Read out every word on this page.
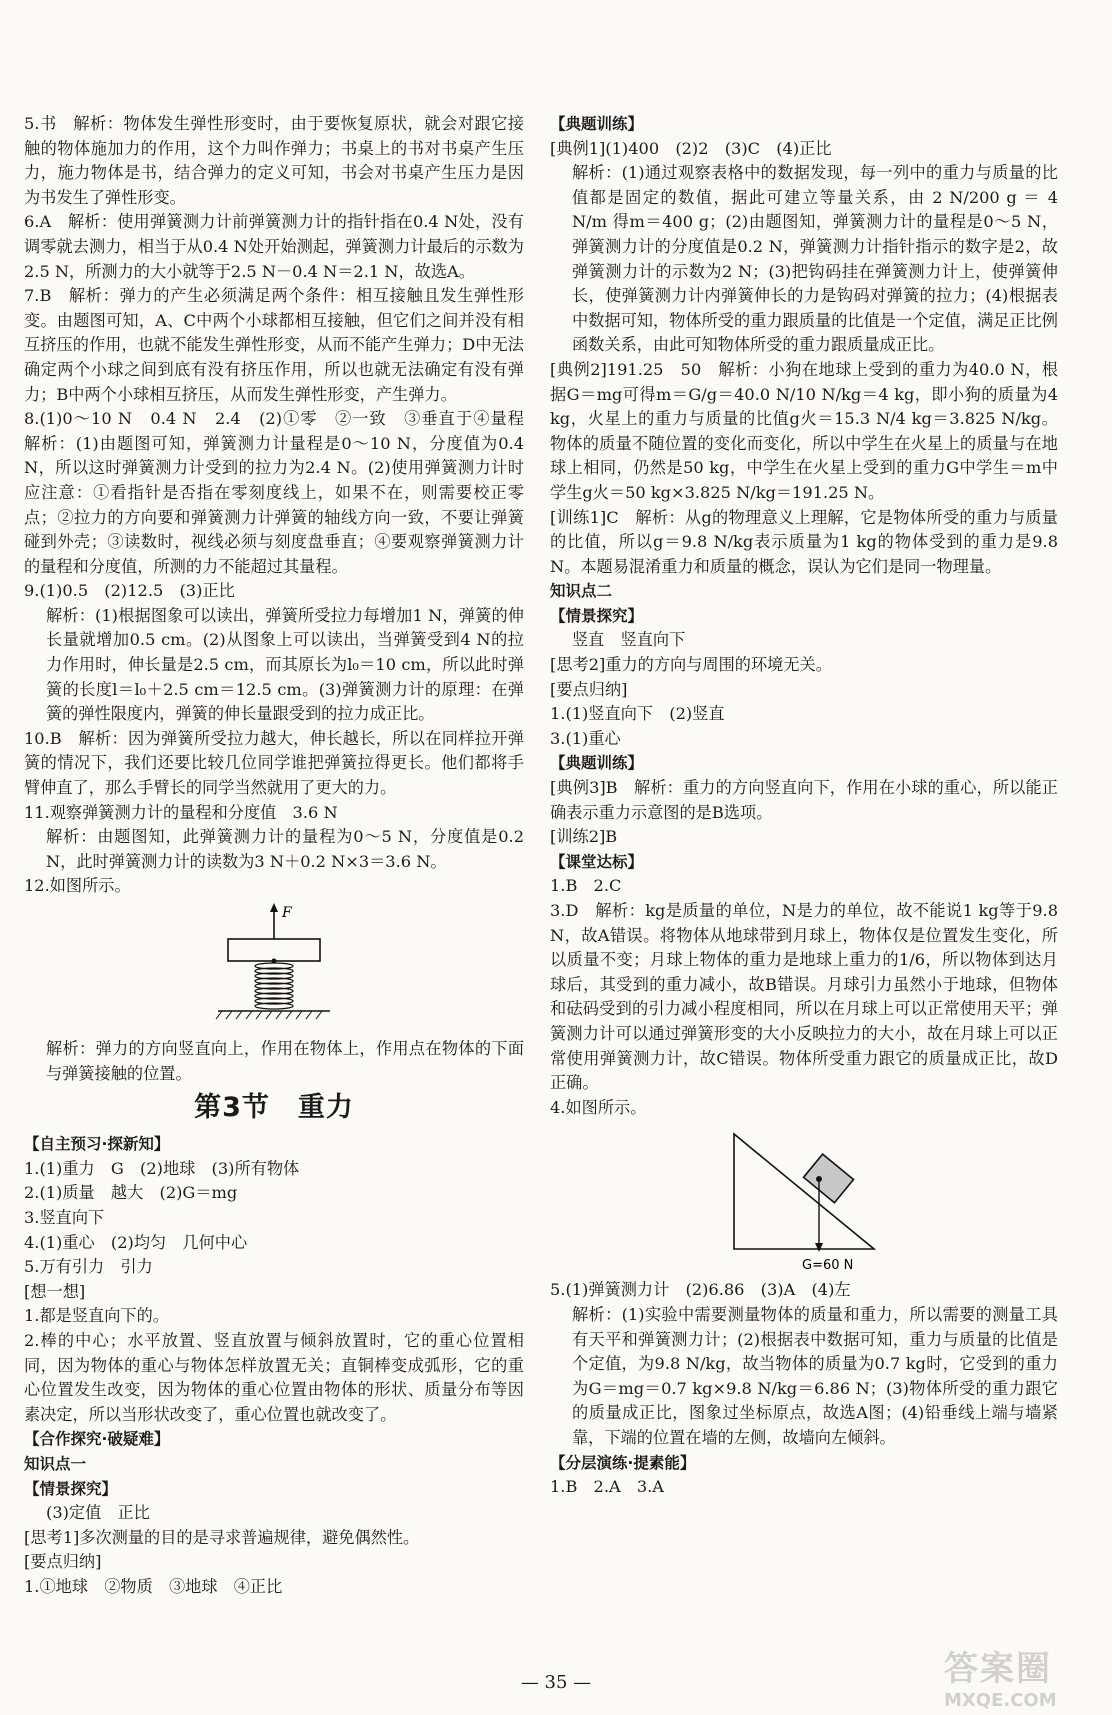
5.书　解析：物体发生弹性形变时，由于要恢复原状，就会对跟它接触的物体施加力的作用，这个力叫作弹力；书桌上的书对书桌产生压力，施力物体是书，结合弹力的定义可知，书会对书桌产生压力是因为书发生了弹性形变。

6.A　解析：使用弹簧测力计前弹簧测力计的指针指在0.4 N处，没有调零就去测力，相当于从0.4 N处开始测起，弹簧测力计最后的示数为2.5 N，所测力的大小就等于2.5 N－0.4 N＝2.1 N，故选A。

7.B　解析：弹力的产生必须满足两个条件：相互接触且发生弹性形变。由题图可知，A、C中两个小球都相互接触，但它们之间并没有相互挤压的作用，也就不能发生弹性形变，从而不能产生弹力；D中无法确定两个小球之间到底有没有挤压作用，所以也就无法确定有没有弹力；B中两个小球相互挤压，从而发生弹性形变，产生弹力。

8.(1)0～10 N　0.4 N　2.4　(2)①零　②一致　③垂直于④量程　解析：(1)由题图可知，弹簧测力计量程是0～10 N，分度值为0.4 N，所以这时弹簧测力计受到的拉力为2.4 N。(2)使用弹簧测力计时应注意：①看指针是否指在零刻度线上，如果不在，则需要校正零点；②拉力的方向要和弹簧测力计弹簧的轴线方向一致，不要让弹簧碰到外壳；③读数时，视线必须与刻度盘垂直；④要观察弹簧测力计的量程和分度值，所测的力不能超过其量程。

9.(1)0.5　(2)12.5　(3)正比

解析：(1)根据图象可以读出，弹簧所受拉力每增加1 N，弹簧的伸长量就增加0.5 cm。(2)从图象上可以读出，当弹簧受到4 N的拉力作用时，伸长量是2.5 cm，而其原长为l₀＝10 cm，所以此时弹簧的长度l＝l₀＋2.5 cm＝12.5 cm。(3)弹簧测力计的原理：在弹簧的弹性限度内，弹簧的伸长量跟受到的拉力成正比。

10.B　解析：因为弹簧所受拉力越大，伸长越长，所以在同样拉开弹簧的情况下，我们还要比较几位同学谁把弹簧拉得更长。他们都将手臂伸直了，那么手臂长的同学当然就用了更大的力。

11.观察弹簧测力计的量程和分度值　3.6 N

解析：由题图知，此弹簧测力计的量程为0～5 N，分度值是0.2 N，此时弹簧测力计的读数为3 N＋0.2 N×3＝3.6 N。

12.如图所示。

F

解析：弹力的方向竖直向上，作用在物体上，作用点在物体的下面与弹簧接触的位置。

第3节　重力

【自主预习·探新知】

1.(1)重力　G　(2)地球　(3)所有物体

2.(1)质量　越大　(2)G＝mg

3.竖直向下

4.(1)重心　(2)均匀　几何中心

5.万有引力　引力

[想一想]

1.都是竖直向下的。

2.棒的中心；水平放置、竖直放置与倾斜放置时，它的重心位置相同，因为物体的重心与物体怎样放置无关；直铜棒变成弧形，它的重心位置发生改变，因为物体的重心位置由物体的形状、质量分布等因素决定，所以当形状改变了，重心位置也就改变了。

【合作探究·破疑难】

知识点一

【情景探究】

(3)定值　正比

[思考1]多次测量的目的是寻求普遍规律，避免偶然性。

[要点归纳]

1.①地球　②物质　③地球　④正比

【典题训练】

[典例1](1)400　(2)2　(3)C　(4)正比

解析：(1)通过观察表格中的数据发现，每一列中的重力与质量的比值都是固定的数值，据此可建立等量关系，由 2 N/200 g ＝ 4 N/m 得m＝400 g；(2)由题图知，弹簧测力计的量程是0～5 N，弹簧测力计的分度值是0.2 N，弹簧测力计指针指示的数字是2，故弹簧测力计的示数为2 N；(3)把钩码挂在弹簧测力计上，使弹簧伸长，使弹簧测力计内弹簧伸长的力是钩码对弹簧的拉力；(4)根据表中数据可知，物体所受的重力跟质量的比值是一个定值，满足正比例函数关系，由此可知物体所受的重力跟质量成正比。

[典例2]191.25　50　解析：小狗在地球上受到的重力为40.0 N，根据G＝mg可得m＝G/g＝40.0 N/10 N/kg＝4 kg，即小狗的质量为4 kg，火星上的重力与质量的比值g火＝15.3 N/4 kg＝3.825 N/kg。物体的质量不随位置的变化而变化，所以中学生在火星上的质量与在地球上相同，仍然是50 kg，中学生在火星上受到的重力G中学生＝m中学生g火＝50 kg×3.825 N/kg＝191.25 N。

[训练1]C　解析：从g的物理意义上理解，它是物体所受的重力与质量的比值，所以g＝9.8 N/kg表示质量为1 kg的物体受到的重力是9.8 N。本题易混淆重力和质量的概念，误认为它们是同一物理量。

知识点二

【情景探究】

竖直　竖直向下

[思考2]重力的方向与周围的环境无关。

[要点归纳]

1.(1)竖直向下　(2)竖直

3.(1)重心

【典题训练】

[典例3]B　解析：重力的方向竖直向下，作用在小球的重心，所以能正确表示重力示意图的是B选项。

[训练2]B

【课堂达标】

1.B　2.C

3.D　解析：kg是质量的单位，N是力的单位，故不能说1 kg等于9.8 N，故A错误。将物体从地球带到月球上，物体仅是位置发生变化，所以质量不变；月球上物体的重力是地球上重力的1/6，所以物体到达月球后，其受到的重力减小，故B错误。月球引力虽然小于地球，但物体和砝码受到的引力减小程度相同，所以在月球上可以正常使用天平；弹簧测力计可以通过弹簧形变的大小反映拉力的大小，故在月球上可以正常使用弹簧测力计，故C错误。物体所受重力跟它的质量成正比，故D正确。

4.如图所示。

G=60 N

5.(1)弹簧测力计　(2)6.86　(3)A　(4)左

解析：(1)实验中需要测量物体的质量和重力，所以需要的测量工具有天平和弹簧测力计；(2)根据表中数据可知，重力与质量的比值是个定值，为9.8 N/kg，故当物体的质量为0.7 kg时，它受到的重力为G＝mg＝0.7 kg×9.8 N/kg＝6.86 N；(3)物体所受的重力跟它的质量成正比，图象过坐标原点，故选A图；(4)铅垂线上端与墙紧靠，下端的位置在墙的左侧，故墙向左倾斜。

【分层演练·提素能】

1.B　2.A　3.A

— 35 —	答案圈
MXQE.COM
